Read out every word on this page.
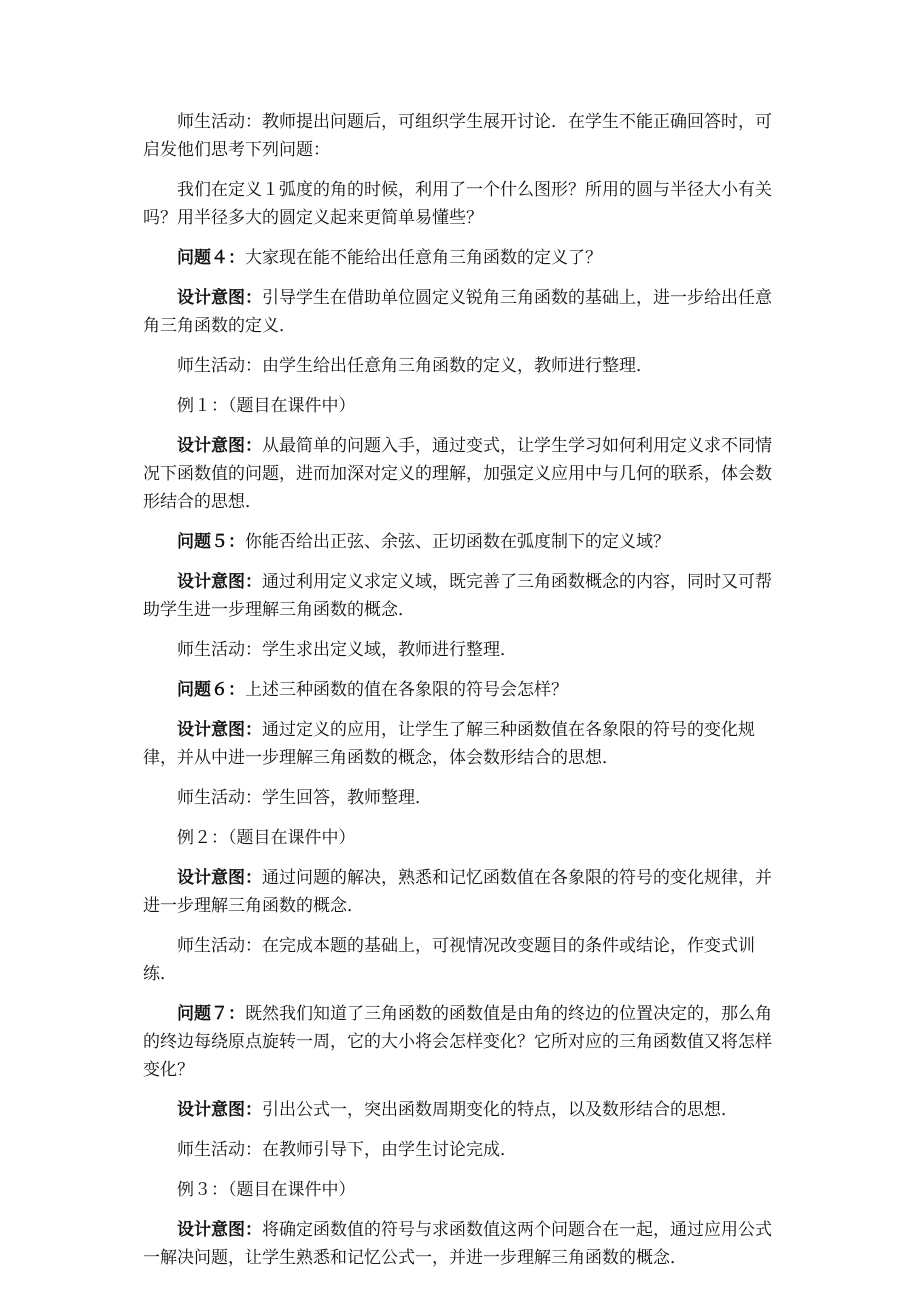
师生活动：教师提出问题后，可组织学生展开讨论．在学生不能正确回答时，可启发他们思考下列问题：

我们在定义１弧度的角的时候，利用了一个什么图形？所用的圆与半径大小有关吗？用半径多大的圆定义起来更简单易懂些？

问题４：大家现在能不能给出任意角三角函数的定义了？

设计意图：引导学生在借助单位圆定义锐角三角函数的基础上，进一步给出任意角三角函数的定义．

师生活动：由学生给出任意角三角函数的定义，教师进行整理．

例１：（题目在课件中）

设计意图：从最简单的问题入手，通过变式，让学生学习如何利用定义求不同情况下函数值的问题，进而加深对定义的理解，加强定义应用中与几何的联系，体会数形结合的思想．

问题５：你能否给出正弦、余弦、正切函数在弧度制下的定义域？

设计意图：通过利用定义求定义域，既完善了三角函数概念的内容，同时又可帮助学生进一步理解三角函数的概念．

师生活动：学生求出定义域，教师进行整理．

问题６：上述三种函数的值在各象限的符号会怎样？

设计意图：通过定义的应用，让学生了解三种函数值在各象限的符号的变化规律，并从中进一步理解三角函数的概念，体会数形结合的思想．

师生活动：学生回答，教师整理．

例２：（题目在课件中）

设计意图：通过问题的解决，熟悉和记忆函数值在各象限的符号的变化规律，并进一步理解三角函数的概念．

师生活动：在完成本题的基础上，可视情况改变题目的条件或结论，作变式训练．

问题７：既然我们知道了三角函数的函数值是由角的终边的位置决定的，那么角的终边每绕原点旋转一周，它的大小将会怎样变化？它所对应的三角函数值又将怎样变化？

设计意图：引出公式一，突出函数周期变化的特点，以及数形结合的思想．

师生活动：在教师引导下，由学生讨论完成．

例３：（题目在课件中）

设计意图：将确定函数值的符号与求函数值这两个问题合在一起，通过应用公式一解决问题，让学生熟悉和记忆公式一，并进一步理解三角函数的概念．
